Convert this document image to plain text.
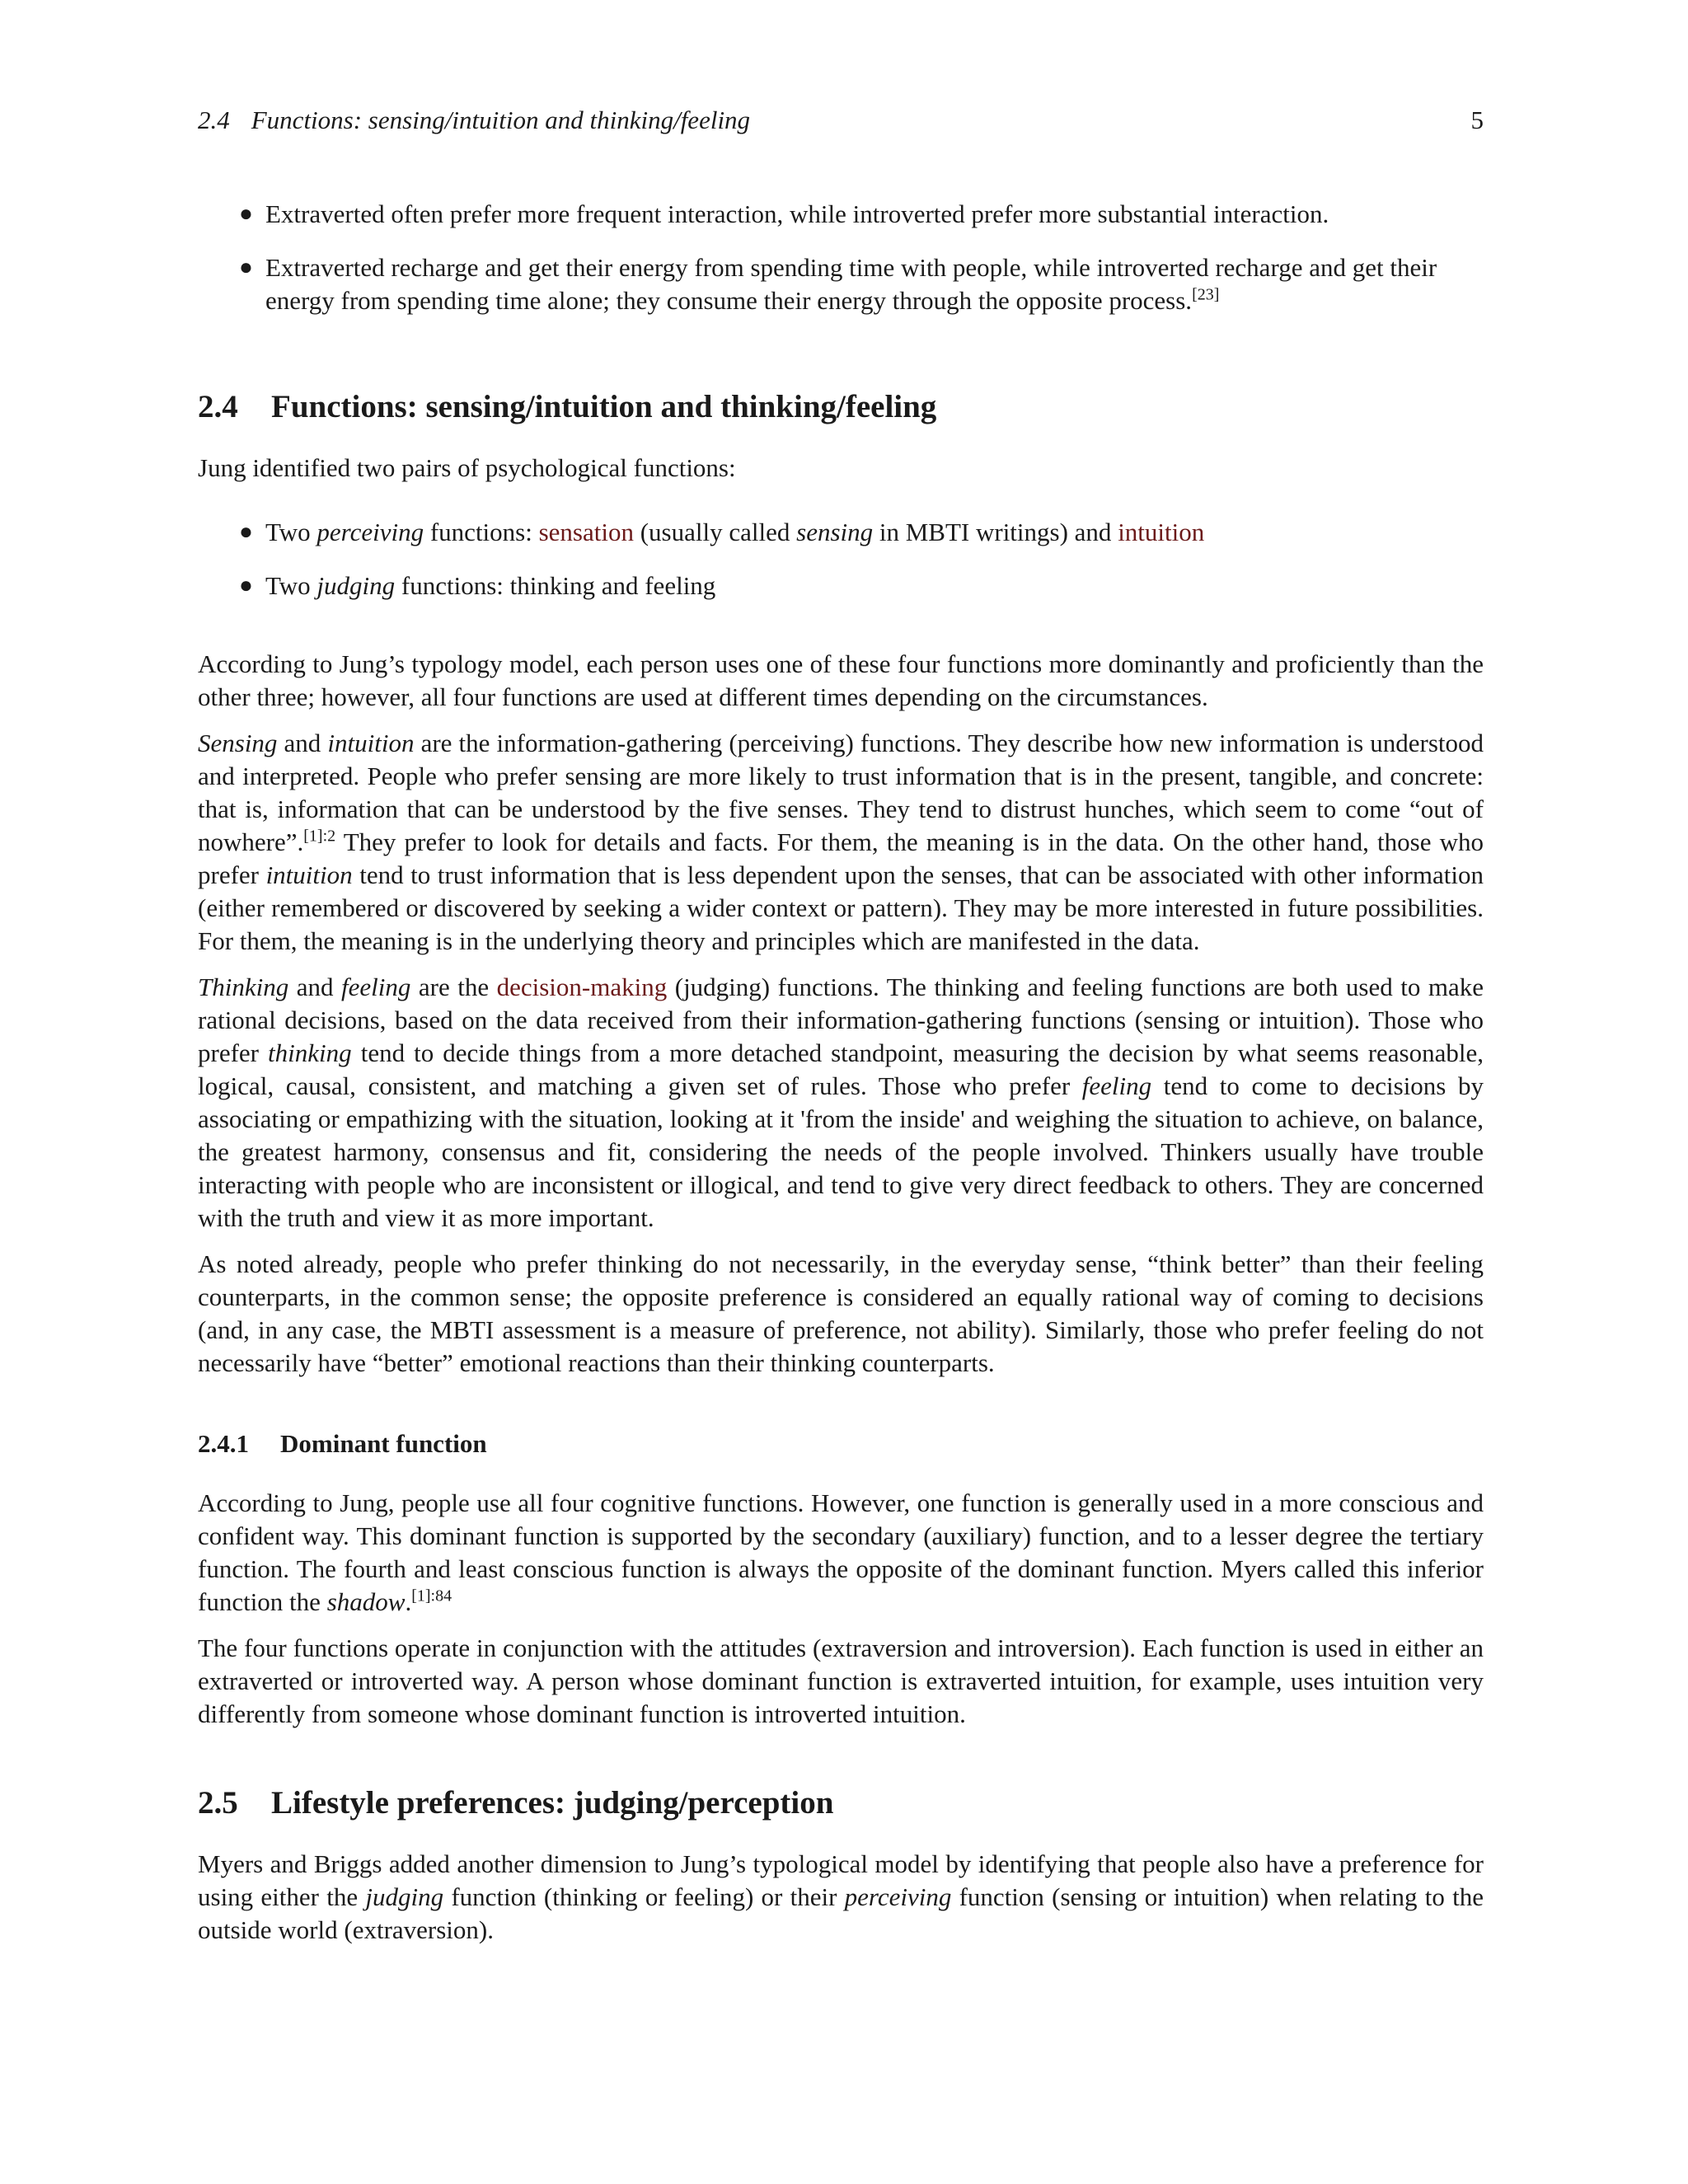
2.4 Functions: sensing/intuition and thinking/feeling	5
● Extraverted often prefer more frequent interaction, while introverted prefer more substantial interaction.
● Extraverted recharge and get their energy from spending time with people, while introverted recharge and get their energy from spending time alone; they consume their energy through the opposite process.[23]
2.4 Functions: sensing/intuition and thinking/feeling

Jung identified two pairs of psychological functions:

● Two perceiving functions: sensation (usually called sensing in MBTI writings) and intuition
● Two judging functions: thinking and feeling

According to Jung’s typology model, each person uses one of these four functions more dominantly and proficiently than the other three; however, all four functions are used at different times depending on the circumstances.

Sensing and intuition are the information-gathering (perceiving) functions. They describe how new information is understood and interpreted. People who prefer sensing are more likely to trust information that is in the present, tangible, and concrete: that is, information that can be understood by the five senses. They tend to distrust hunches, which seem to come “out of nowhere”.$^{[1]:2}$ They prefer to look for details and facts. For them, the meaning is in the data. On the other hand, those who prefer intuition tend to trust information that is less dependent upon the senses, that can be associated with other information (either remembered or discovered by seeking a wider context or pattern). They may be more interested in future possibilities. For them, the meaning is in the underlying theory and principles which are manifested in the data.

Thinking and feeling are the decision-making (judging) functions. The thinking and feeling functions are both used to make rational decisions, based on the data received from their information-gathering functions (sensing or intuition). Those who prefer thinking tend to decide things from a more detached standpoint, measuring the decision by what seems reasonable, logical, causal, consistent, and matching a given set of rules. Those who prefer feeling tend to come to decisions by associating or empathizing with the situation, looking at it 'from the inside' and weighing the situation to achieve, on balance, the greatest harmony, consensus and fit, considering the needs of the people involved. Thinkers usually have trouble interacting with people who are inconsistent or illogical, and tend to give very direct feedback to others. They are concerned with the truth and view it as more important.

As noted already, people who prefer thinking do not necessarily, in the everyday sense, “think better” than their feeling counterparts, in the common sense; the opposite preference is considered an equally rational way of coming to decisions (and, in any case, the MBTI assessment is a measure of preference, not ability). Similarly, those who prefer feeling do not necessarily have “better” emotional reactions than their thinking counterparts.

2.4.1 Dominant function

According to Jung, people use all four cognitive functions. However, one function is generally used in a more conscious and confident way. This dominant function is supported by the secondary (auxiliary) function, and to a lesser degree the tertiary function. The fourth and least conscious function is always the opposite of the dominant function. Myers called this inferior function the shadow.$^{[1]:84}$

The four functions operate in conjunction with the attitudes (extraversion and introversion). Each function is used in either an extraverted or introverted way. A person whose dominant function is extraverted intuition, for example, uses intuition very differently from someone whose dominant function is introverted intuition.

2.5 Lifestyle preferences: judging/perception

Myers and Briggs added another dimension to Jung’s typological model by identifying that people also have a preference for using either the judging function (thinking or feeling) or their perceiving function (sensing or intuition) when relating to the outside world (extraversion).
